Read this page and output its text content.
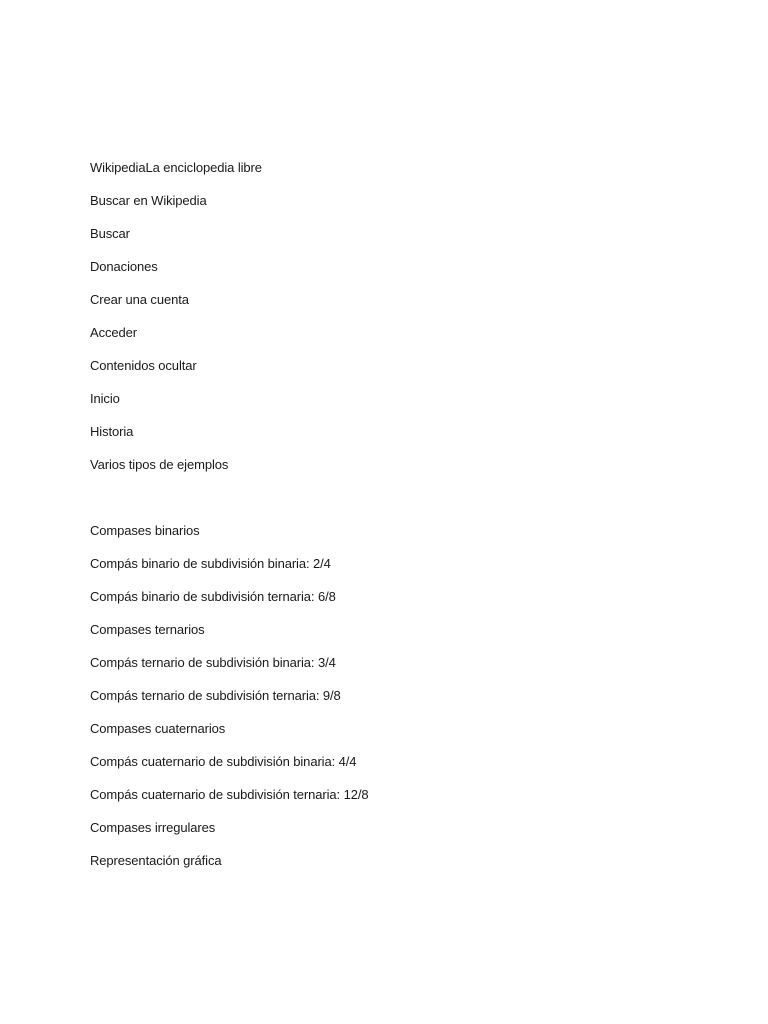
WikipediaLa enciclopedia libre
Buscar en Wikipedia
Buscar
Donaciones
Crear una cuenta
Acceder
Contenidos ocultar
Inicio
Historia
Varios tipos de ejemplos
Compases binarios
Compás binario de subdivisión binaria: 2/4
Compás binario de subdivisión ternaria: 6/8
Compases ternarios
Compás ternario de subdivisión binaria: 3/4
Compás ternario de subdivisión ternaria: 9/8
Compases cuaternarios
Compás cuaternario de subdivisión binaria: 4/4
Compás cuaternario de subdivisión ternaria: 12/8
Compases irregulares
Representación gráfica
